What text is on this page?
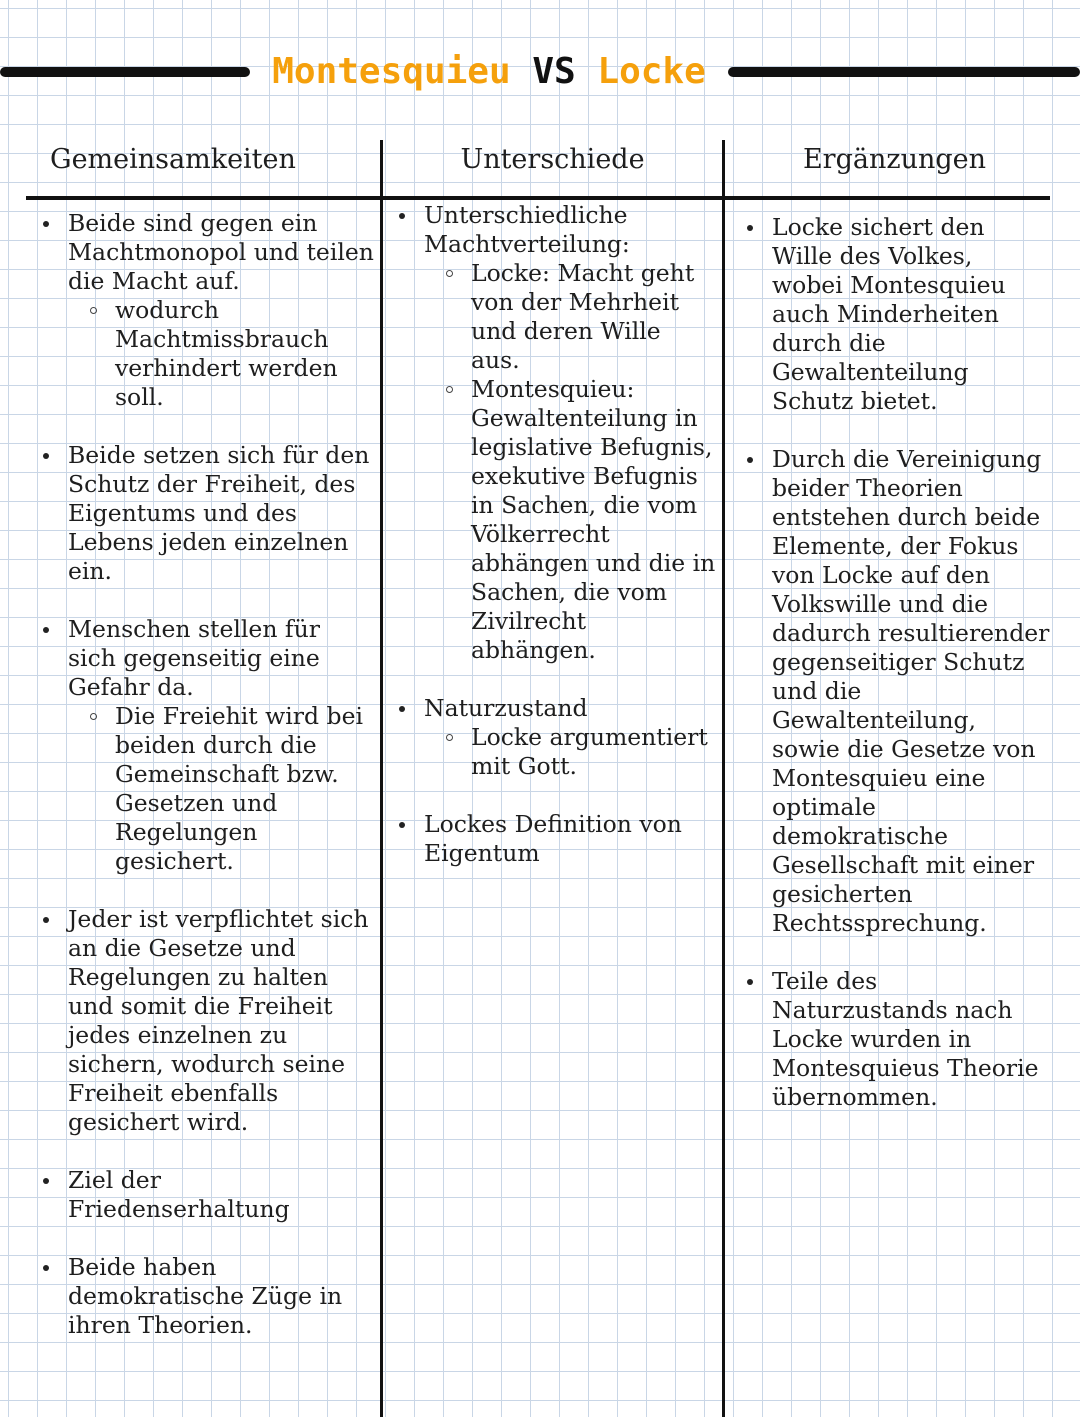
Montesquieu VS Locke
Gemeinsamkeiten	Unterschiede	Ergänzungen
Beide sind gegen ein Machtmonopol und teilen die Macht auf.
wodurch Machtmissbrauch verhindert werden soll.
Beide setzen sich für den Schutz der Freiheit, des Eigentums und des Lebens jeden einzelnen ein.
Menschen stellen für sich gegenseitig eine Gefahr da.
Die Freiehit wird bei beiden durch die Gemeinschaft bzw. Gesetzen und Regelungen gesichert.
Jeder ist verpflichtet sich an die Gesetze und Regelungen zu halten und somit die Freiheit jedes einzelnen zu sichern, wodurch seine Freiheit ebenfalls gesichert wird.
Ziel der Friedenserhaltung
Beide haben demokratische Züge in ihren Theorien.
Unterschiedliche Machtverteilung:
Locke: Macht geht von der Mehrheit und deren Wille aus.
Montesquieu: Gewaltenteilung in legislative Befugnis, exekutive Befugnis in Sachen, die vom Völkerrecht abhängen und die in Sachen, die vom Zivilrecht abhängen.
Naturzustand
Locke argumentiert mit Gott.
Lockes Definition von Eigentum
Locke sichert den Wille des Volkes, wobei Montesquieu auch Minderheiten durch die Gewaltenteilung Schutz bietet.
Durch die Vereinigung beider Theorien entstehen durch beide Elemente, der Fokus von Locke auf den Volkswille und die dadurch resultierender gegenseitiger Schutz und die Gewaltenteilung, sowie die Gesetze von Montesquieu eine optimale demokratische Gesellschaft mit einer gesicherten Rechtssprechung.
Teile des Naturzustands nach Locke wurden in Montesquieus Theorie übernommen.
